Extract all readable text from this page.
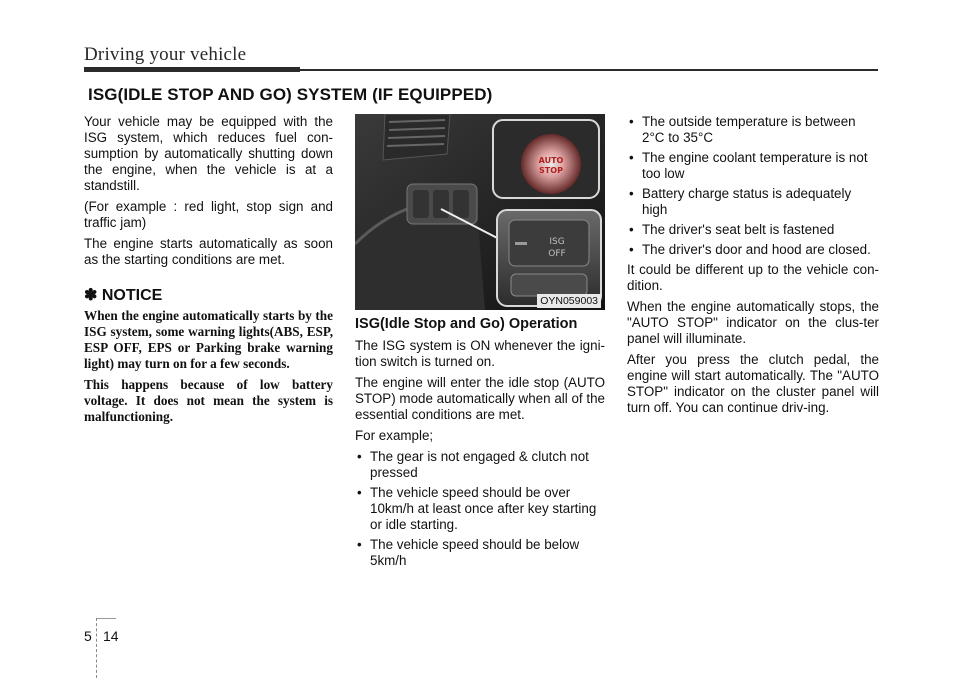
Driving your vehicle
ISG(IDLE STOP AND GO) SYSTEM (IF EQUIPPED)

Your vehicle may be equipped with the ISG system, which reduces fuel con-sumption by automatically shutting down the engine, when the vehicle is at a standstill.

(For example : red light, stop sign and traffic jam)

The engine starts automatically as soon as the starting conditions are met.

✽ NOTICE

When the engine automatically starts by the ISG system, some warning lights(ABS, ESP, ESP OFF, EPS or Parking brake warning light) may turn on for a few seconds.

This happens because of low battery voltage. It does not mean the system is malfunctioning.

AUTO
STOP
ISG
OFF
OYN059003
ISG(Idle Stop and Go) Operation

The ISG system is ON whenever the igni-tion switch is turned on.

The engine will enter the idle stop (AUTO STOP) mode automatically when all of the essential conditions are met.

For example;

• The gear is not engaged & clutch not pressed
• The vehicle speed should be over 10km/h at least once after key starting or idle starting.
• The vehicle speed should be below 5km/h
• The outside temperature is between 2°C to 35°C
• The engine coolant temperature is not too low
• Battery charge status is adequately high
• The driver's seat belt is fastened
• The driver's door and hood are closed.

It could be different up to the vehicle con-dition.

When the engine automatically stops, the "AUTO STOP" indicator on the clus-ter panel will illuminate.

After you press the clutch pedal, the engine will start automatically. The "AUTO STOP" indicator on the cluster panel will turn off. You can continue driv-ing.

5 14
